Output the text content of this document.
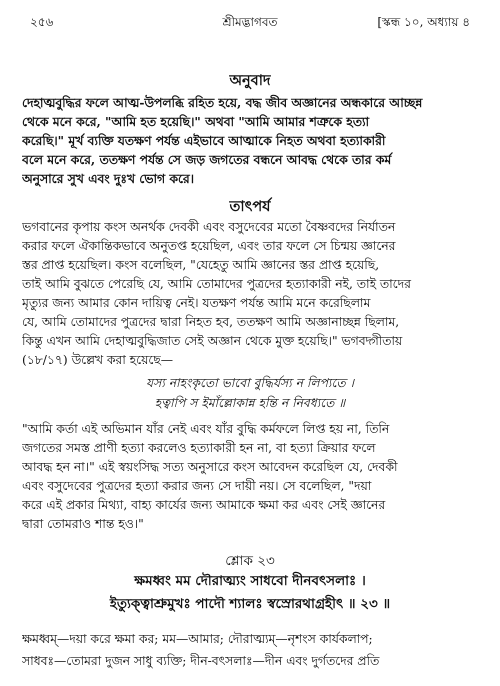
২৫৬	শ্রীমদ্ভাগবত	[স্কন্ধ ১০, অধ্যায় ৪
অনুবাদ
দেহাত্মবুদ্ধির ফলে আত্ম-উপলব্ধি রহিত হয়ে, বদ্ধ জীব অজ্ঞানের অন্ধকারে আচ্ছন্ন
থেকে মনে করে, "আমি হত হয়েছি।" অথবা "আমি আমার শত্রুকে হত্যা
করেছি।" মূর্খ ব্যক্তি যতক্ষণ পর্যন্ত এইভাবে আত্মাকে নিহত অথবা হত্যাকারী
বলে মনে করে, ততক্ষণ পর্যন্ত সে জড় জগতের বন্ধনে আবদ্ধ থেকে তার কর্ম
অনুসারে সুখ এবং দুঃখ ভোগ করে।
তাৎপর্য
ভগবানের কৃপায় কংস অনর্থক দেবকী এবং বসুদেবের মতো বৈষ্ণবদের নির্যাতন
করার ফলে ঐকান্তিকভাবে অনুতপ্ত হয়েছিল, এবং তার ফলে সে চিন্ময় জ্ঞানের
স্তর প্রাপ্ত হয়েছিল। কংস বলেছিল, "যেহেতু আমি জ্ঞানের স্তর প্রাপ্ত হয়েছি,
তাই আমি বুঝতে পেরেছি যে, আমি তোমাদের পুত্রদের হত্যাকারী নই, তাই তাদের
মৃত্যুর জন্য আমার কোন দায়িত্ব নেই। যতক্ষণ পর্যন্ত আমি মনে করেছিলাম
যে, আমি তোমাদের পুত্রদের দ্বারা নিহত হব, ততক্ষণ আমি অজ্ঞানাচ্ছন্ন ছিলাম,
কিন্তু এখন আমি দেহাত্মবুদ্ধিজাত সেই অজ্ঞান থেকে মুক্ত হয়েছি।" ভগবদ্গীতায়
(১৮/১৭) উল্লেখ করা হয়েছে—
যস্য নাহংকৃতো ভাবো বুদ্ধির্যস্য ন লিপ্যতে ।
হত্বাপি স ইমাঁল্লোকান্ন হন্তি ন নিবধ্যতে ॥
"আমি কর্তা এই অভিমান যাঁর নেই এবং যাঁর বুদ্ধি কর্মফলে লিপ্ত হয় না, তিনি
জগতের সমস্ত প্রাণী হত্যা করলেও হত্যাকারী হন না, বা হত্যা ক্রিয়ার ফলে
আবদ্ধ হন না।" এই স্বয়ংসিদ্ধ সত্য অনুসারে কংস আবেদন করেছিল যে, দেবকী
এবং বসুদেবের পুত্রদের হত্যা করার জন্য সে দায়ী নয়। সে বলেছিল, "দয়া
করে এই প্রকার মিথ্যা, বাহ্য কার্যের জন্য আমাকে ক্ষমা কর এবং সেই জ্ঞানের
দ্বারা তোমরাও শান্ত হও।"
শ্লোক ২৩
ক্ষমধ্বং মম দৌরাত্ম্যং সাধবো দীনবৎসলাঃ ।
ইত্যুক্ত্বাশ্রুমুখঃ পাদৌ শ্যালঃ স্বস্রোরথাগ্রহীৎ ॥ ২৩ ॥
ক্ষমধ্বম্—দয়া করে ক্ষমা কর; মম—আমার; দৌরাত্ম্যম্—নৃশংস কার্যকলাপ;
সাধবঃ—তোমরা দুজন সাধু ব্যক্তি; দীন-বৎসলাঃ—দীন এবং দুর্গতদের প্রতি
